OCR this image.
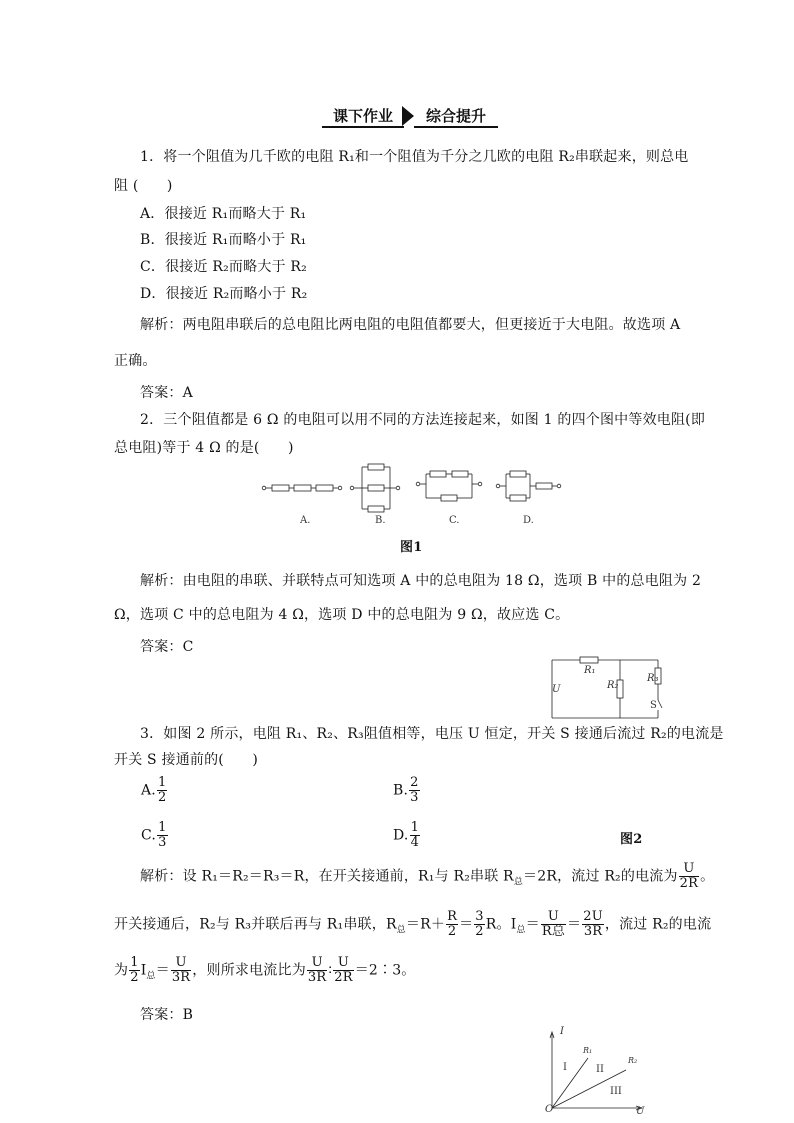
课下作业	综合提升
1．将一个阻值为几千欧的电阻 R₁和一个阻值为千分之几欧的电阻 R₂串联起来，则总电
阻 (　　)
A．很接近 R₁而略大于 R₁
B．很接近 R₁而略小于 R₁
C．很接近 R₂而略大于 R₂
D．很接近 R₂而略小于 R₂
解析：两电阻串联后的总电阻比两电阻的电阻值都要大，但更接近于大电阻。故选项 A
正确。
答案：A
2．三个阻值都是 6 Ω 的电阻可以用不同的方法连接起来，如图 1 的四个图中等效电阻(即
总电阻)等于 4 Ω 的是(　　)
A.	B.	C.	D.
图1
解析：由电阻的串联、并联特点可知选项 A 中的总电阻为 18 Ω，选项 B 中的总电阻为 2
Ω，选项 C 中的总电阻为 4 Ω，选项 D 中的总电阻为 9 Ω，故应选 C。
答案：C
R₁
R₂
R₃
U
S
3．如图 2 所示，电阻 R₁、R₂、R₃阻值相等，电压 U 恒定，开关 S 接通后流过 R₂的电流是
开关 S 接通前的(　　)
A. $\frac{1}{2}$	B. $\frac{2}{3}$
C. $\frac{1}{3}$	D. $\frac{1}{4}$	图2
解析：设 R₁＝R₂＝R₃＝R，在开关接通前，R₁与 R₂串联 $R_总=2R$，流过 R₂的电流为 $\frac{U}{2R}$ 。
开关接通后，R₂与 R₃并联后再与 R₁串联，$R_总=R+ \frac{R}{2} = \frac{3}{2}$ R。$I_总= \frac{U}{\text{R总}} = \frac{2U}{3R}$ ，流过 R₂的电流
为 $\frac{1}{2} I_总= \frac{U}{3R}$ ，则所求电流比为 $\frac{U}{3R}$ ∶ $\frac{U}{2R}$ ＝2∶3。
答案：B
I
U
O
R₁
R₂
I	II
III
